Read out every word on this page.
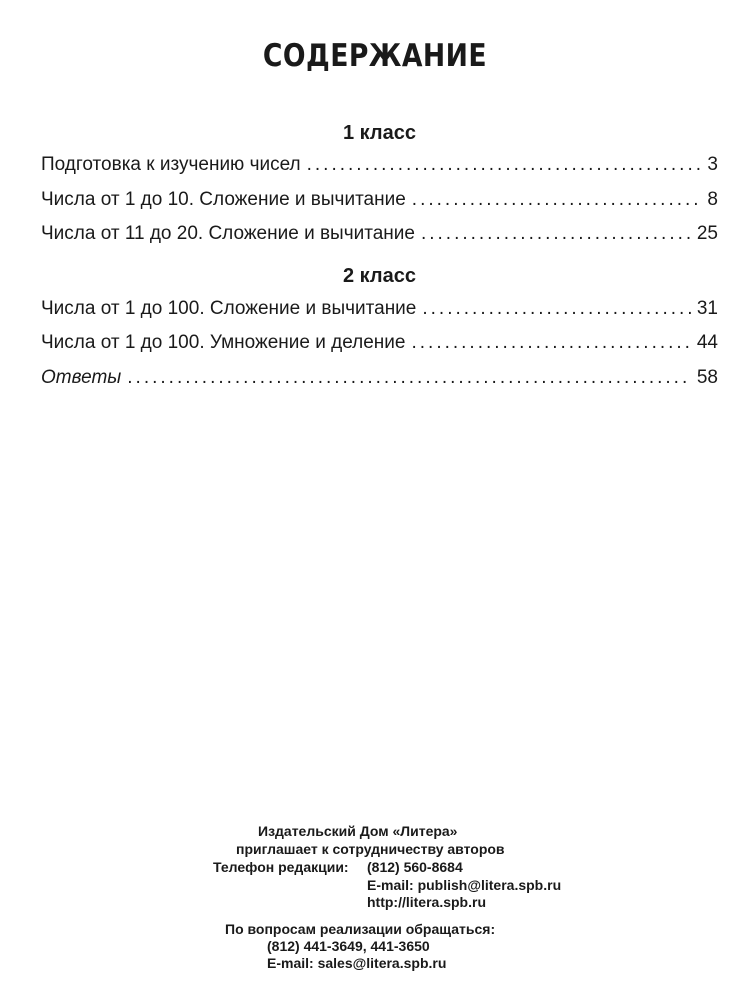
СОДЕРЖАНИЕ
1 класс
Подготовка к изучению чисел .....	3
Числа от 1 до 10. Сложение и вычитание .....	8
Числа от 11 до 20. Сложение и вычитание .....	25
2 класс
Числа от 1 до 100. Сложение и вычитание .....	31
Числа от 1 до 100. Умножение и деление .....	44
Ответы .....	58
Издательский Дом «Литера»
приглашает к сотрудничеству авторов
Телефон редакции: (812) 560-8684
E-mail: publish@litera.spb.ru
http://litera.spb.ru
По вопросам реализации обращаться:
(812) 441-3649, 441-3650
E-mail: sales@litera.spb.ru
